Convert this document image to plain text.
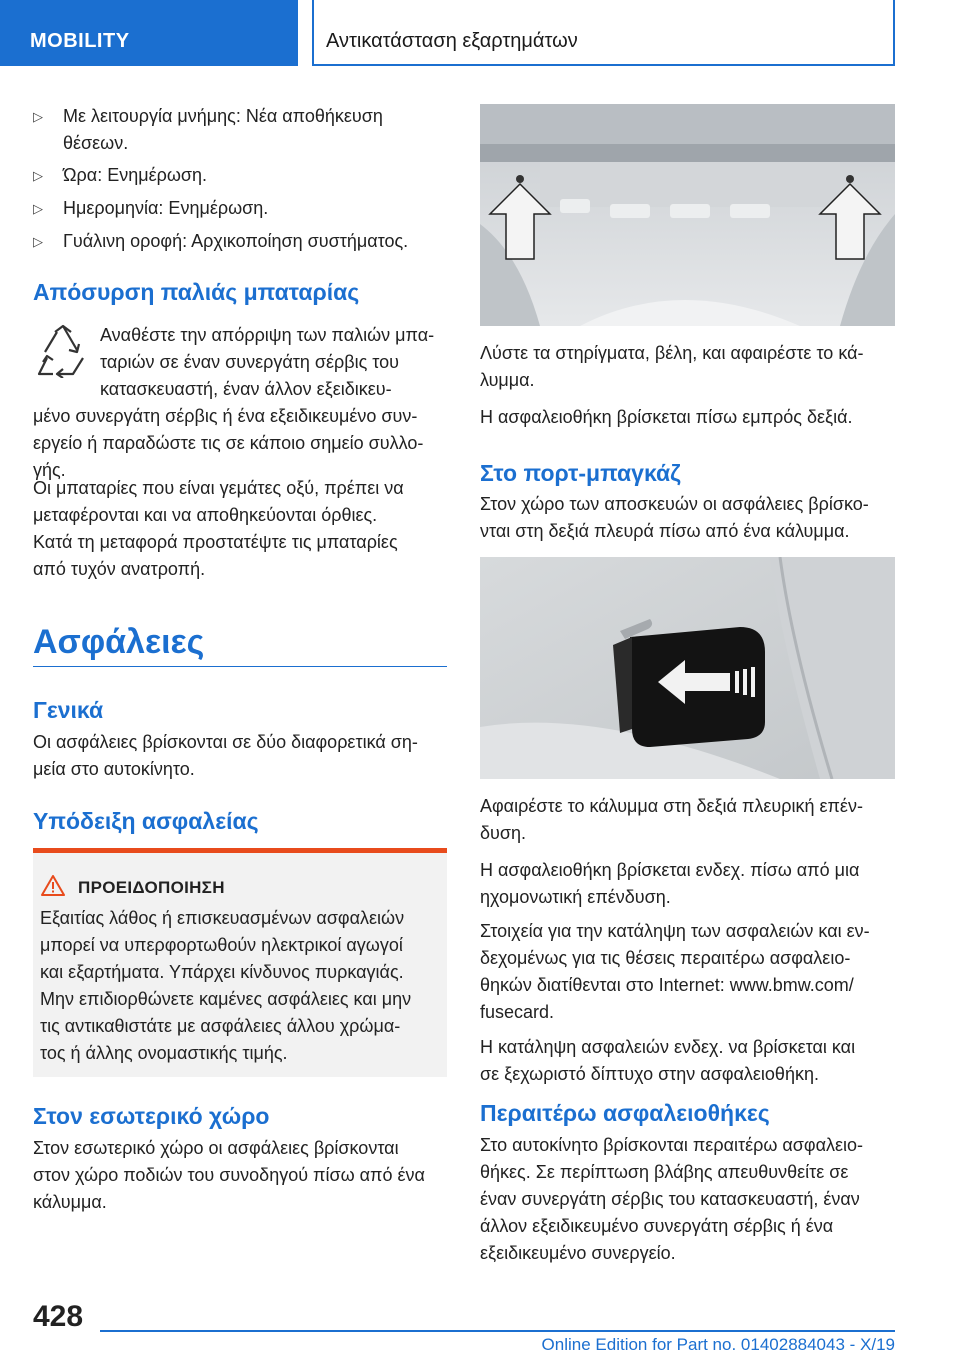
MOBILITY	Αντικατάσταση εξαρτημάτων
▷ Με λειτουργία μνήμης: Νέα αποθήκευση θέσεων.
▷ Ώρα: Ενημέρωση.
▷ Ημερομηνία: Ενημέρωση.
▷ Γυάλινη οροφή: Αρχικοποίηση συστήματος.
Απόσυρση παλιάς μπαταρίας
Αναθέστε την απόρριψη των παλιών μπα-
ταριών σε έναν συνεργάτη σέρβις του
κατασκευαστή, έναν άλλον εξειδικευ-
μένο συνεργάτη σέρβις ή ένα εξειδικευμένο συν-
εργείο ή παραδώστε τις σε κάποιο σημείο συλλο-
γής.
Οι μπαταρίες που είναι γεμάτες οξύ, πρέπει να
μεταφέρονται και να αποθηκεύονται όρθιες.
Κατά τη μεταφορά προστατέψτε τις μπαταρίες
από τυχόν ανατροπή.
Ασφάλειες
Γενικά
Οι ασφάλειες βρίσκονται σε δύο διαφορετικά ση-
μεία στο αυτοκίνητο.
Υπόδειξη ασφαλείας
ΠΡΟΕΙΔΟΠΟΙΗΣΗ
Εξαιτίας λάθος ή επισκευασμένων ασφαλειών
μπορεί να υπερφορτωθούν ηλεκτρικοί αγωγοί
και εξαρτήματα. Υπάρχει κίνδυνος πυρκαγιάς.
Μην επιδιορθώνετε καμένες ασφάλειες και μην
τις αντικαθιστάτε με ασφάλειες άλλου χρώμα-
τος ή άλλης ονομαστικής τιμής.
Στον εσωτερικό χώρο
Στον εσωτερικό χώρο οι ασφάλειες βρίσκονται
στον χώρο ποδιών του συνοδηγού πίσω από ένα
κάλυμμα.
Λύστε τα στηρίγματα, βέλη, και αφαιρέστε το κά-
λυμμα.
Η ασφαλειοθήκη βρίσκεται πίσω εμπρός δεξιά.
Στο πορτ-μπαγκάζ
Στον χώρο των αποσκευών οι ασφάλειες βρίσκο-
νται στη δεξιά πλευρά πίσω από ένα κάλυμμα.
Αφαιρέστε το κάλυμμα στη δεξιά πλευρική επέν-
δυση.
Η ασφαλειοθήκη βρίσκεται ενδεχ. πίσω από μια
ηχομονωτική επένδυση.
Στοιχεία για την κατάληψη των ασφαλειών και εν-
δεχομένως για τις θέσεις περαιτέρω ασφαλειο-
θηκών διατίθενται στο Internet: www.bmw.com/
fusecard.
Η κατάληψη ασφαλειών ενδεχ. να βρίσκεται και
σε ξεχωριστό δίπτυχο στην ασφαλειοθήκη.
Περαιτέρω ασφαλειοθήκες
Στο αυτοκίνητο βρίσκονται περαιτέρω ασφαλειο-
θήκες. Σε περίπτωση βλάβης απευθυνθείτε σε
έναν συνεργάτη σέρβις του κατασκευαστή, έναν
άλλον εξειδικευμένο συνεργάτη σέρβις ή ένα
εξειδικευμένο συνεργείο.
428
Online Edition for Part no. 01402884043 - X/19
